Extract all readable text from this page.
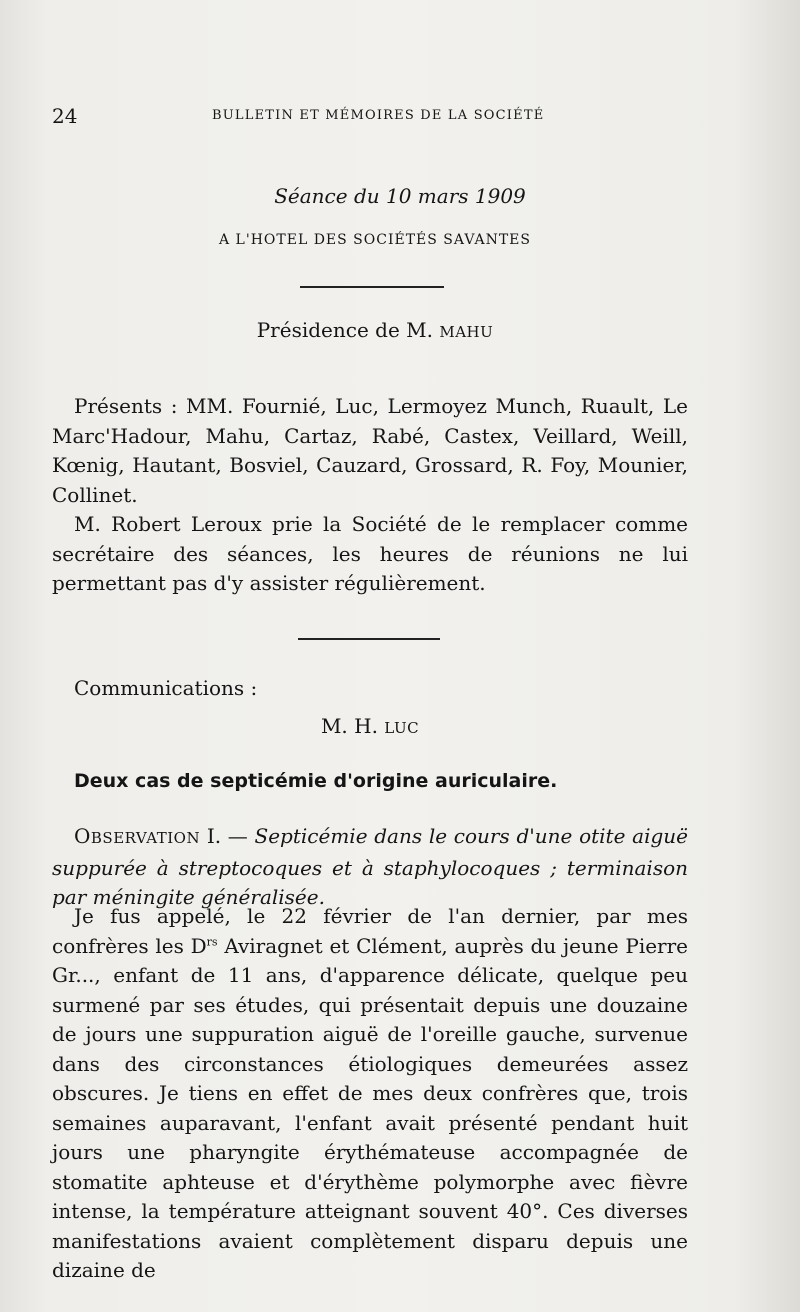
24	BULLETIN ET MÉMOIRES DE LA SOCIÉTÉ
Séance du 10 mars 1909
A L'HOTEL DES SOCIÉTÉS SAVANTES
Présidence de M. MAHU

Présents : MM. Fournié, Luc, Lermoyez Munch, Ruault, Le Marc'Hadour, Mahu, Cartaz, Rabé, Castex, Veillard, Weill, Kœnig, Hautant, Bosviel, Cauzard, Grossard, R. Foy, Mounier, Collinet.

M. Robert Leroux prie la Société de le remplacer comme secrétaire des séances, les heures de réunions ne lui permettant pas d'y assister régulièrement.

Communications :
M. H. LUC
Deux cas de septicémie d'origine auriculaire.

OBSERVATION I. — Septicémie dans le cours d'une otite aiguë suppurée à streptocoques et à staphylocoques ; terminaison par méningite généralisée.

Je fus appelé, le 22 février de l'an dernier, par mes confrères les $D^{rs}$ Aviragnet et Clément, auprès du jeune Pierre Gr..., enfant de 11 ans, d'apparence délicate, quelque peu surmené par ses études, qui présentait depuis une douzaine de jours une suppuration aiguë de l'oreille gauche, survenue dans des circonstances étiologiques demeurées assez obscures. Je tiens en effet de mes deux confrères que, trois semaines auparavant, l'enfant avait présenté pendant huit jours une pharyngite érythémateuse accompagnée de stomatite aphteuse et d'érythème polymorphe avec fièvre intense, la température atteignant souvent 40°. Ces diverses manifestations avaient complètement disparu depuis une dizaine de
